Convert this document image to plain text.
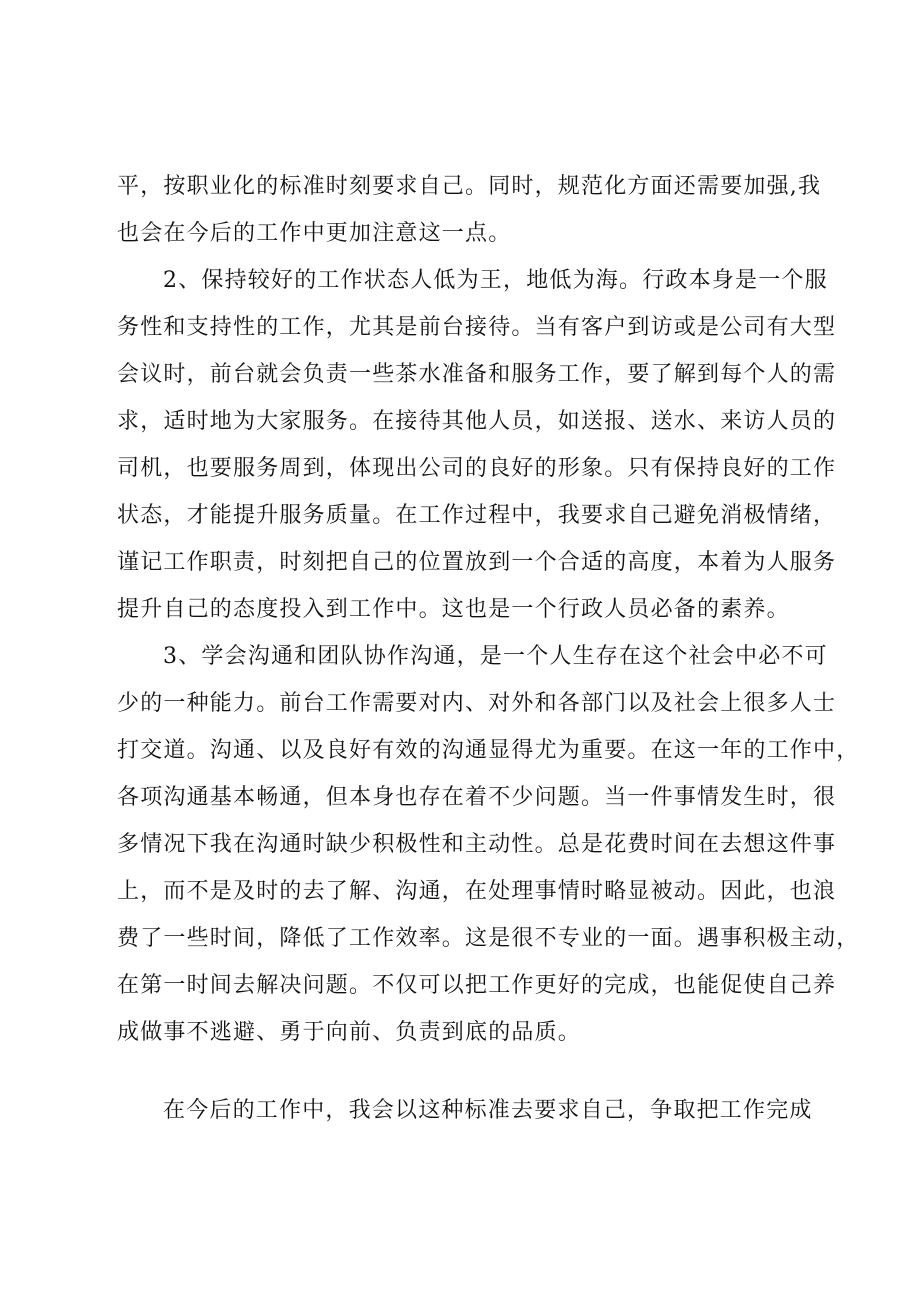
平，按职业化的标准时刻要求自己。同时，规范化方面还需要加强,我
也会在今后的工作中更加注意这一点。
2、保持较好的工作状态人低为王，地低为海。行政本身是一个服
务性和支持性的工作，尤其是前台接待。当有客户到访或是公司有大型
会议时，前台就会负责一些茶水准备和服务工作，要了解到每个人的需
求，适时地为大家服务。在接待其他人员，如送报、送水、来访人员的
司机，也要服务周到，体现出公司的良好的形象。只有保持良好的工作
状态，才能提升服务质量。在工作过程中，我要求自己避免消极情绪，
谨记工作职责，时刻把自己的位置放到一个合适的高度，本着为人服务
提升自己的态度投入到工作中。这也是一个行政人员必备的素养。
3、学会沟通和团队协作沟通，是一个人生存在这个社会中必不可
少的一种能力。前台工作需要对内、对外和各部门以及社会上很多人士
打交道。沟通、以及良好有效的沟通显得尤为重要。在这一年的工作中，
各项沟通基本畅通，但本身也存在着不少问题。当一件事情发生时，很
多情况下我在沟通时缺少积极性和主动性。总是花费时间在去想这件事
上，而不是及时的去了解、沟通，在处理事情时略显被动。因此，也浪
费了一些时间，降低了工作效率。这是很不专业的一面。遇事积极主动，
在第一时间去解决问题。不仅可以把工作更好的完成，也能促使自己养
成做事不逃避、勇于向前、负责到底的品质。
在今后的工作中，我会以这种标准去要求自己，争取把工作完成
